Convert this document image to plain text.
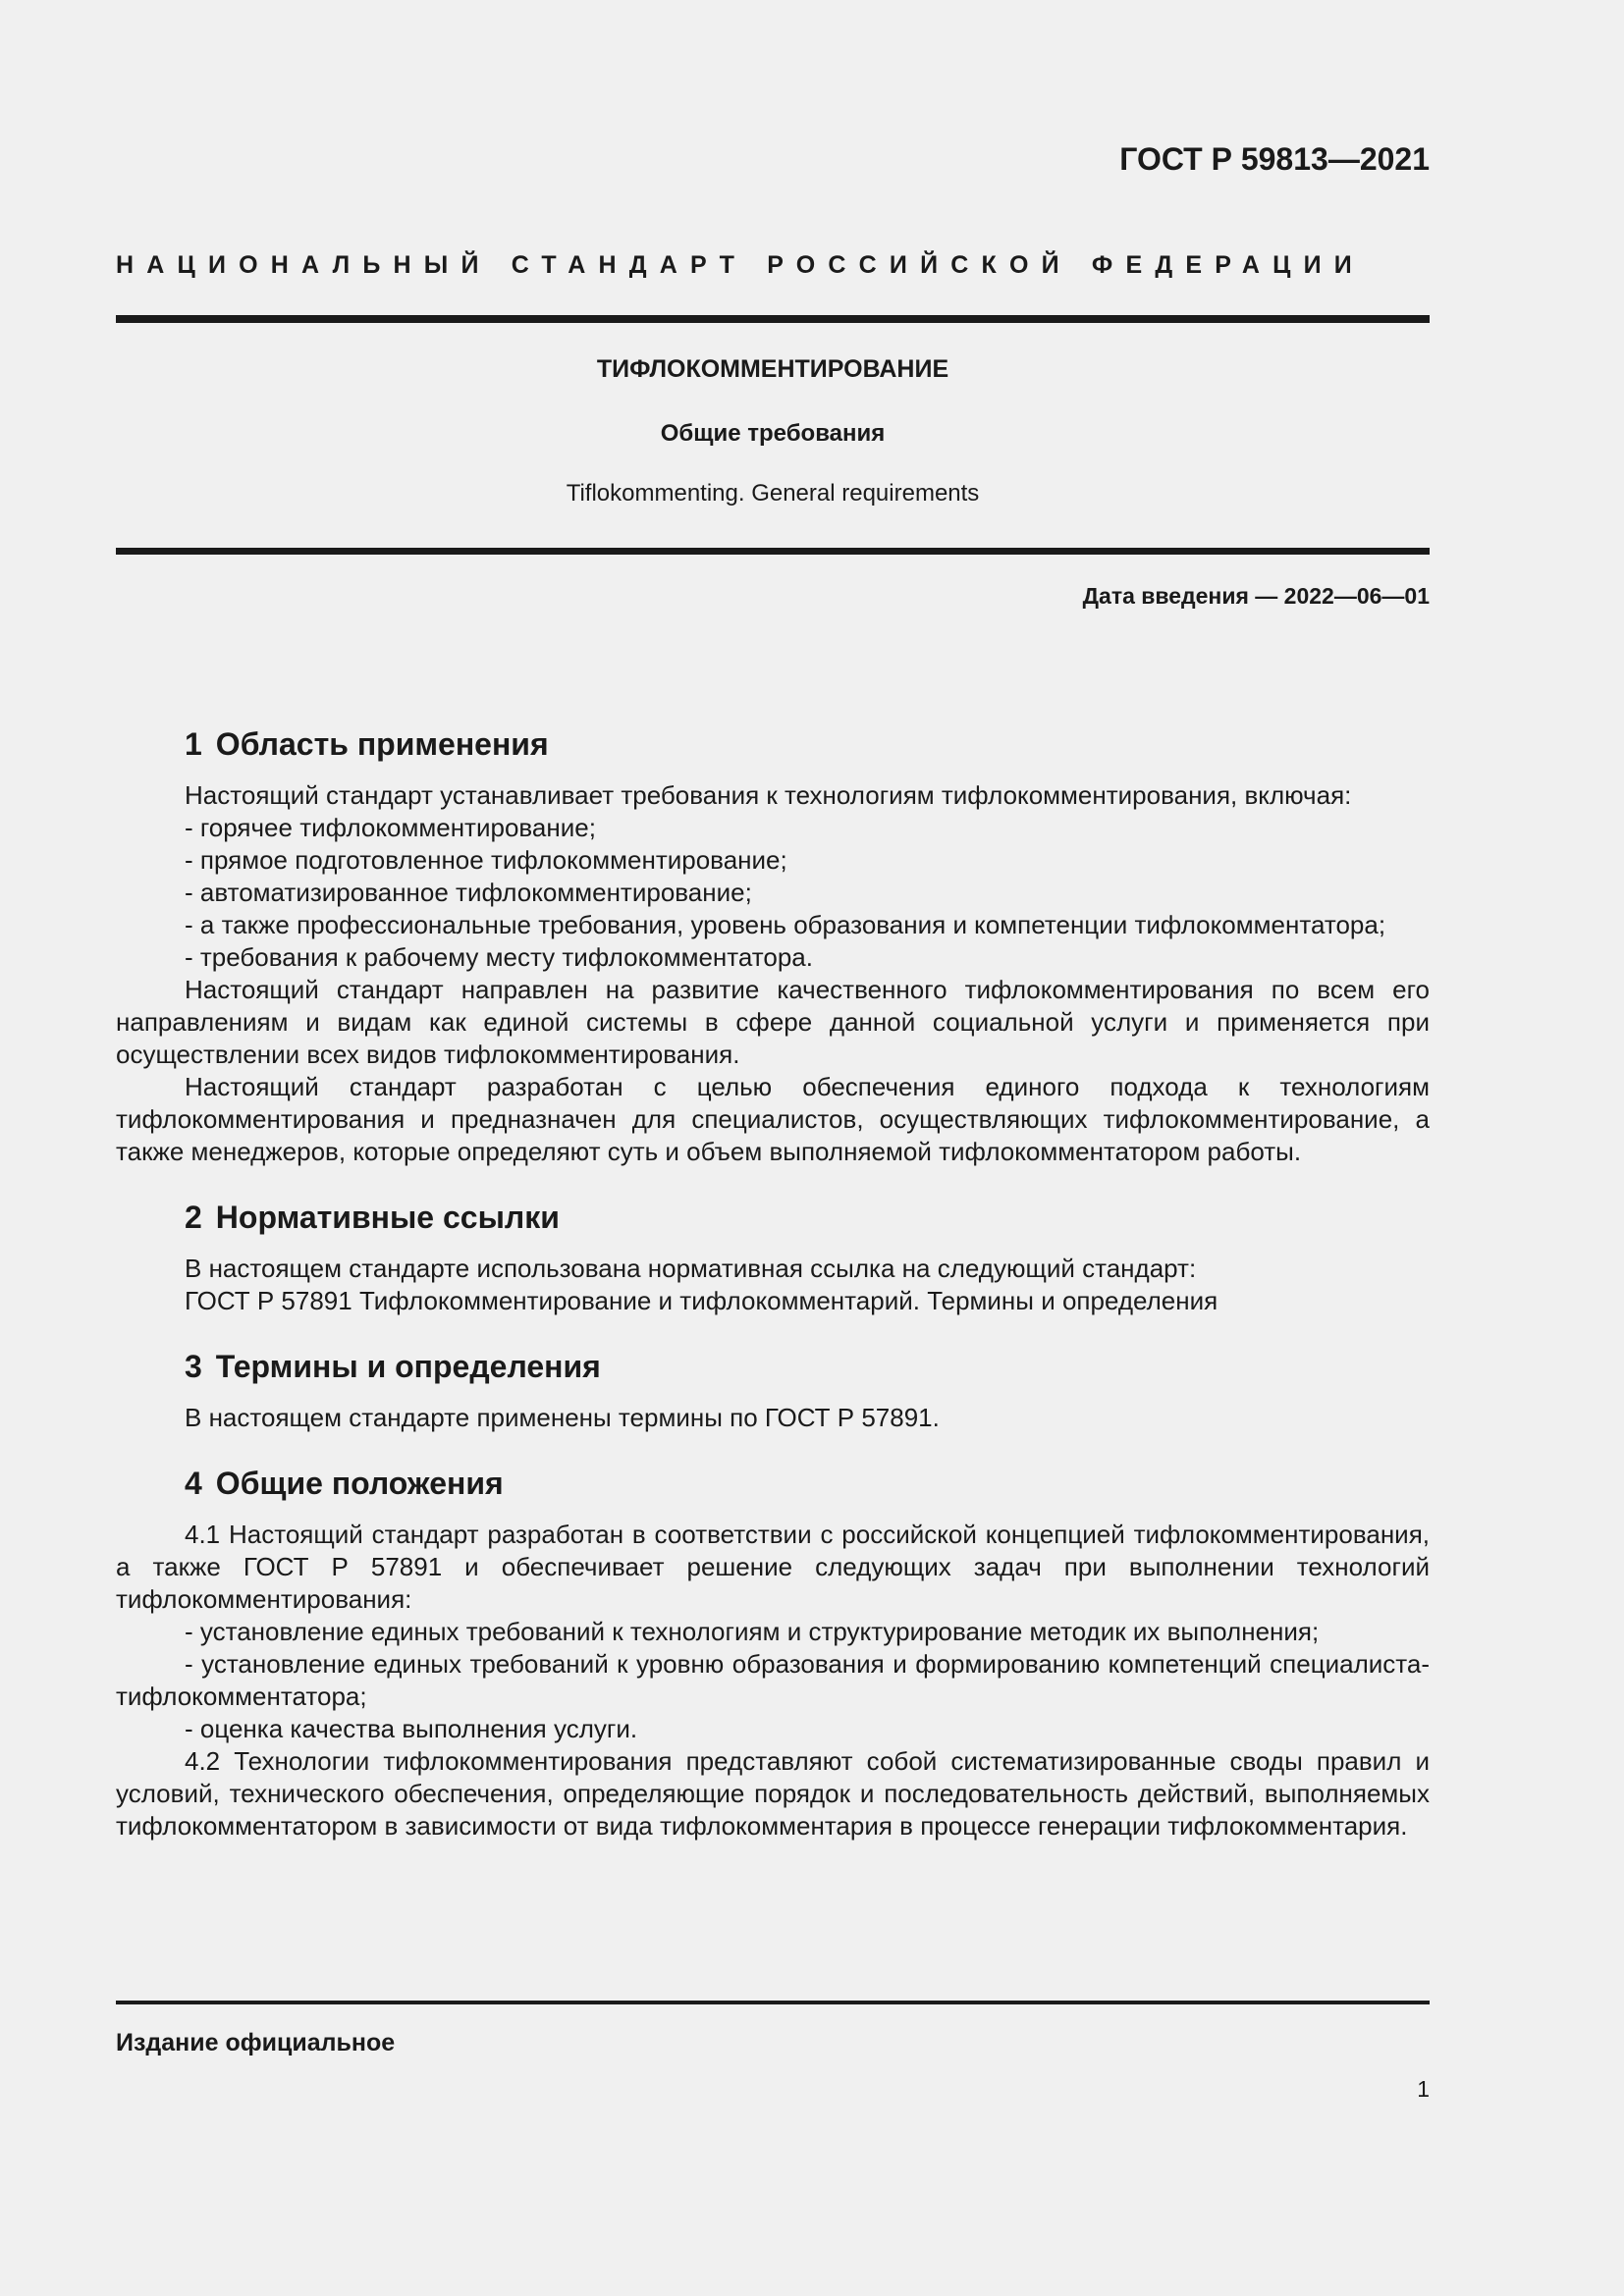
ГОСТ Р 59813—2021
НАЦИОНАЛЬНЫЙ СТАНДАРТ РОССИЙСКОЙ ФЕДЕРАЦИИ
ТИФЛОКОММЕНТИРОВАНИЕ
Общие требования
Tiflokommenting. General requirements
Дата введения — 2022—06—01
1 Область применения

Настоящий стандарт устанавливает требования к технологиям тифлокомментирования, включая:

- горячее тифлокомментирование;

- прямое подготовленное тифлокомментирование;

- автоматизированное тифлокомментирование;

- а также профессиональные требования, уровень образования и компетенции тифлокомментатора;

- требования к рабочему месту тифлокомментатора.

Настоящий стандарт направлен на развитие качественного тифлокомментирования по всем его направлениям и видам как единой системы в сфере данной социальной услуги и применяется при осуществлении всех видов тифлокомментирования.

Настоящий стандарт разработан с целью обеспечения единого подхода к технологиям тифлокомментирования и предназначен для специалистов, осуществляющих тифлокомментирование, а также менеджеров, которые определяют суть и объем выполняемой тифлокомментатором работы.

2 Нормативные ссылки

В настоящем стандарте использована нормативная ссылка на следующий стандарт:

ГОСТ Р 57891 Тифлокомментирование и тифлокомментарий. Термины и определения

3 Термины и определения

В настоящем стандарте применены термины по ГОСТ Р 57891.

4 Общие положения

4.1 Настоящий стандарт разработан в соответствии с российской концепцией тифлокомментирования, а также ГОСТ Р 57891 и обеспечивает решение следующих задач при выполнении технологий тифлокомментирования:

- установление единых требований к технологиям и структурирование методик их выполнения;

- установление единых требований к уровню образования и формированию компетенций специалиста-тифлокомментатора;

- оценка качества выполнения услуги.

4.2 Технологии тифлокомментирования представляют собой систематизированные своды правил и условий, технического обеспечения, определяющие порядок и последовательность действий, выполняемых тифлокомментатором в зависимости от вида тифлокомментария в процессе генерации тифлокомментария.

Издание официальное
1
